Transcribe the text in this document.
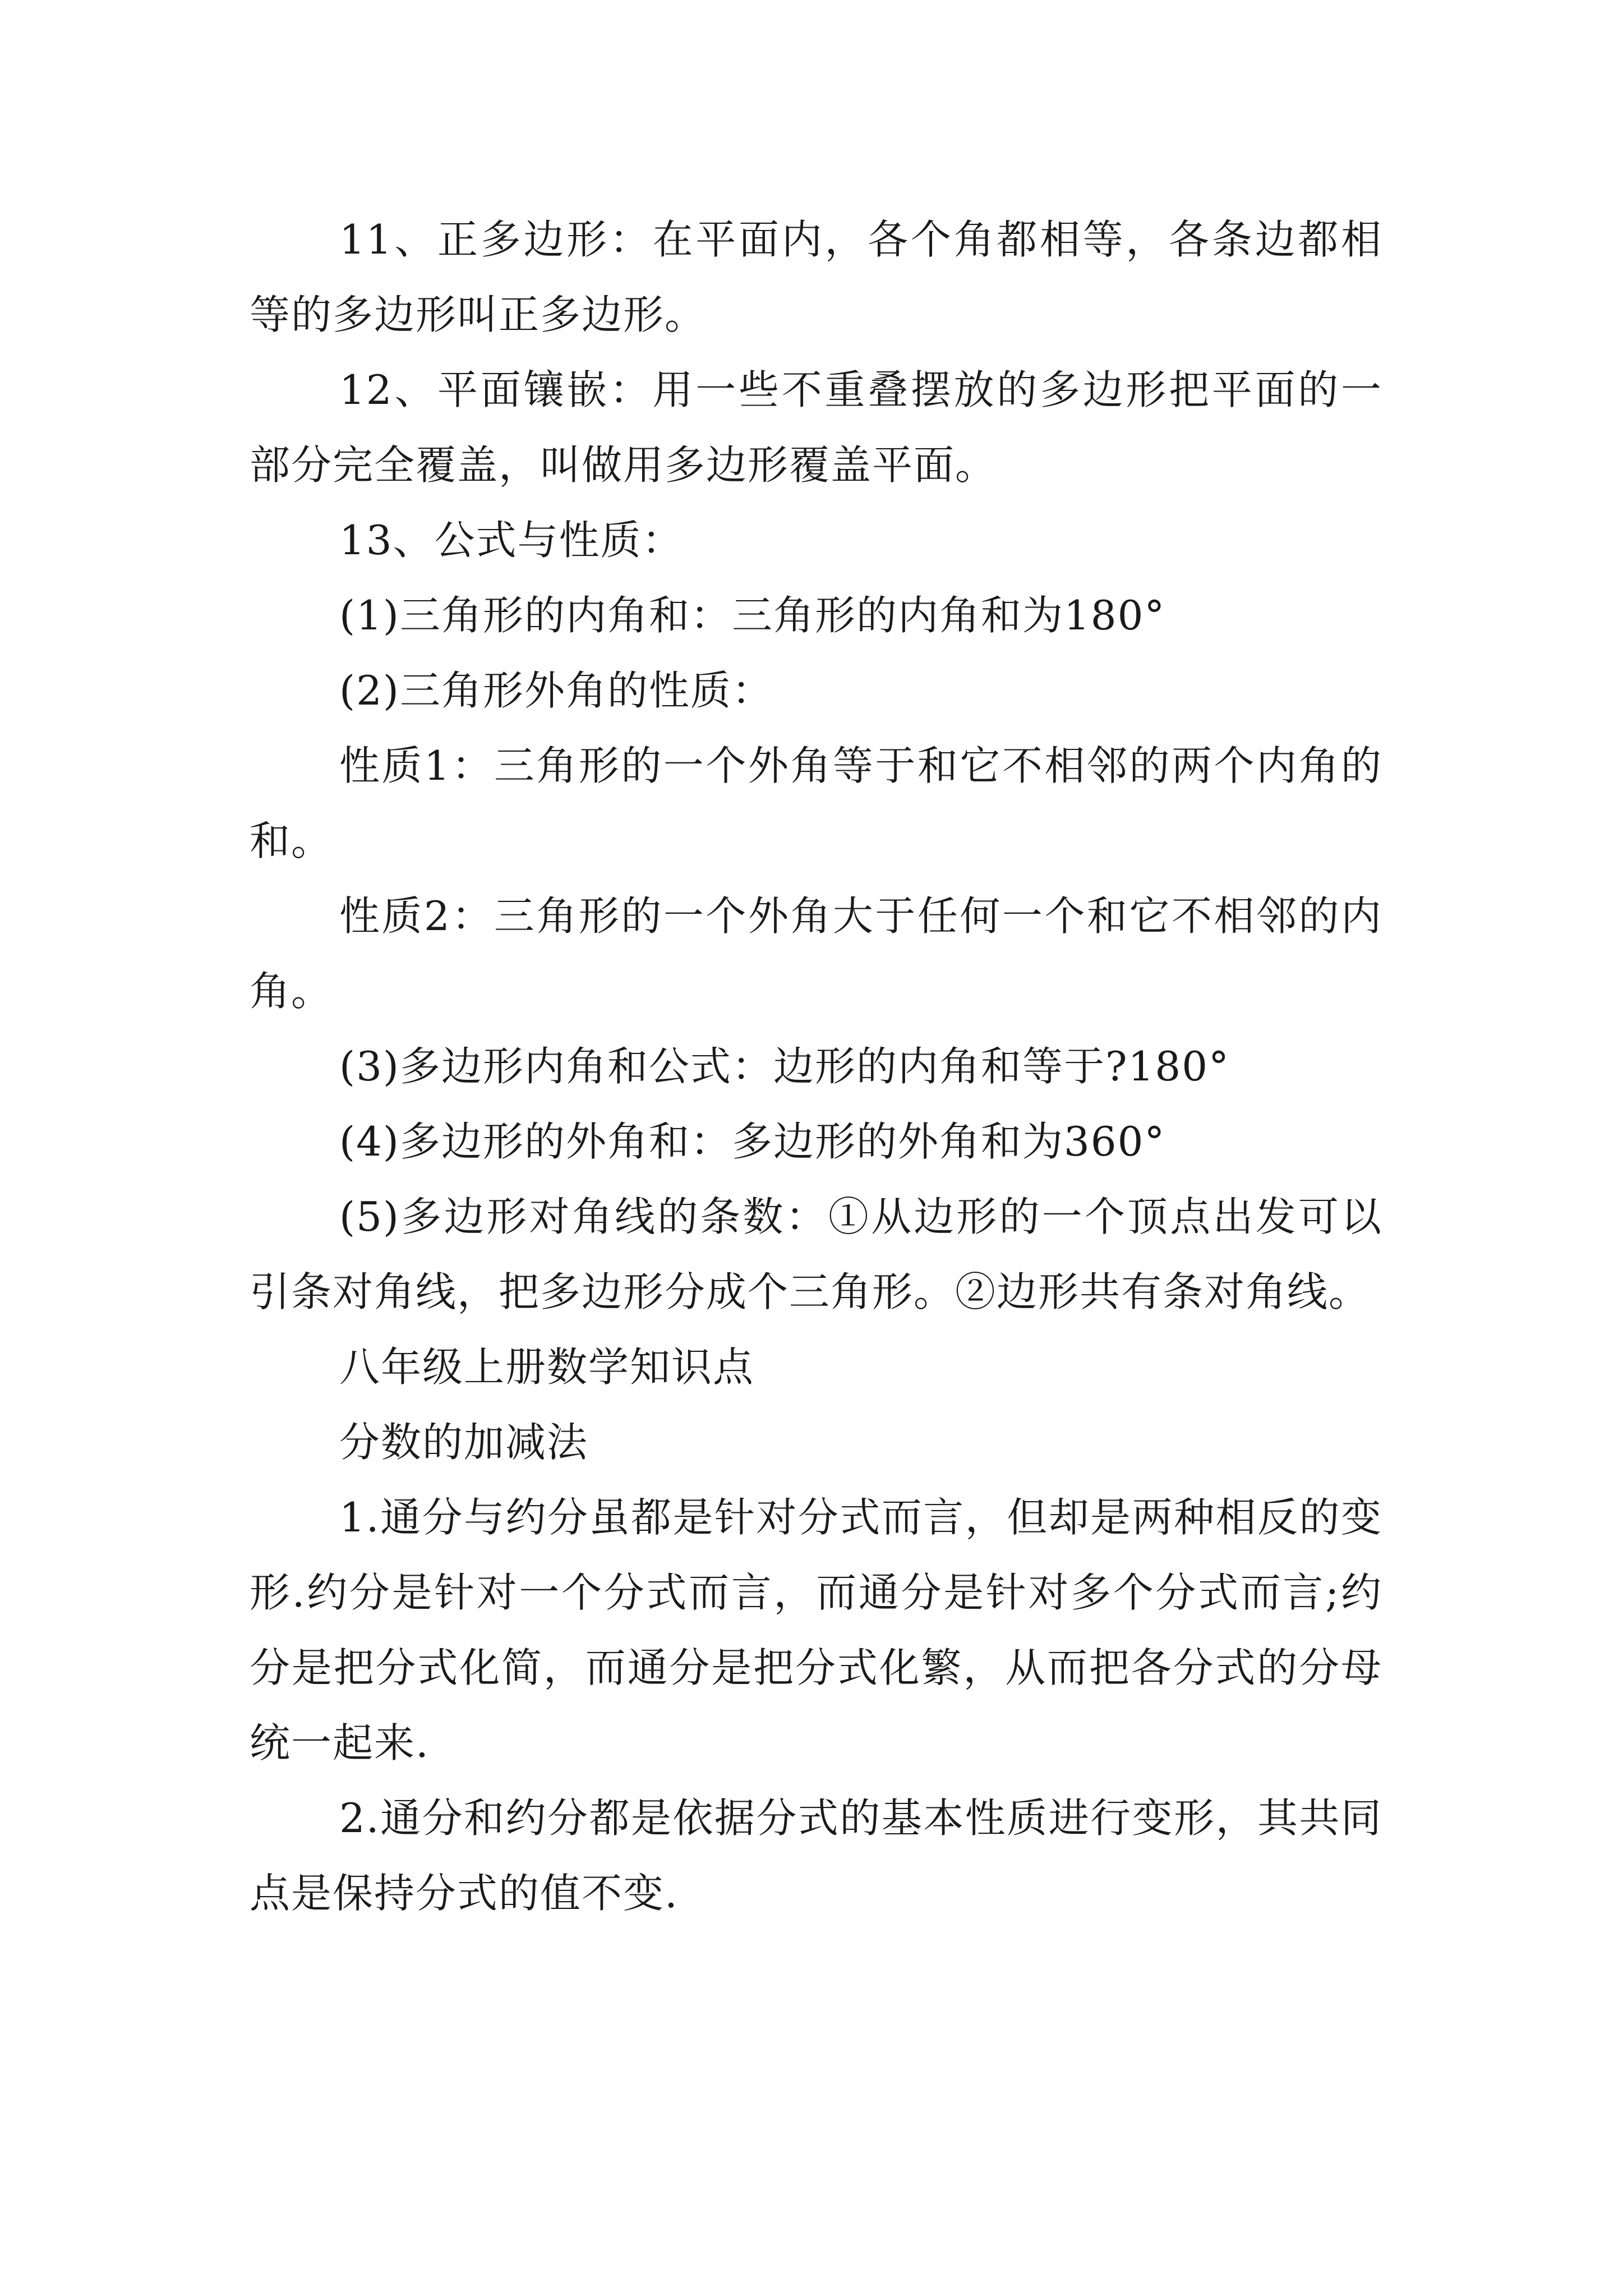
11、正多边形：在平面内，各个角都相等，各条边都相等的多边形叫正多边形。

12、平面镶嵌：用一些不重叠摆放的多边形把平面的一部分完全覆盖，叫做用多边形覆盖平面。

13、公式与性质：

(1)三角形的内角和：三角形的内角和为180°

(2)三角形外角的性质：

性质1：三角形的一个外角等于和它不相邻的两个内角的和。

性质2：三角形的一个外角大于任何一个和它不相邻的内角。

(3)多边形内角和公式：边形的内角和等于?180°

(4)多边形的外角和：多边形的外角和为360°

(5)多边形对角线的条数：①从边形的一个顶点出发可以引条对角线，把多边形分成个三角形。②边形共有条对角线。

八年级上册数学知识点

分数的加减法

1.通分与约分虽都是针对分式而言，但却是两种相反的变形.约分是针对一个分式而言，而通分是针对多个分式而言;约分是把分式化简，而通分是把分式化繁，从而把各分式的分母统一起来.

2.通分和约分都是依据分式的基本性质进行变形，其共同点是保持分式的值不变.
